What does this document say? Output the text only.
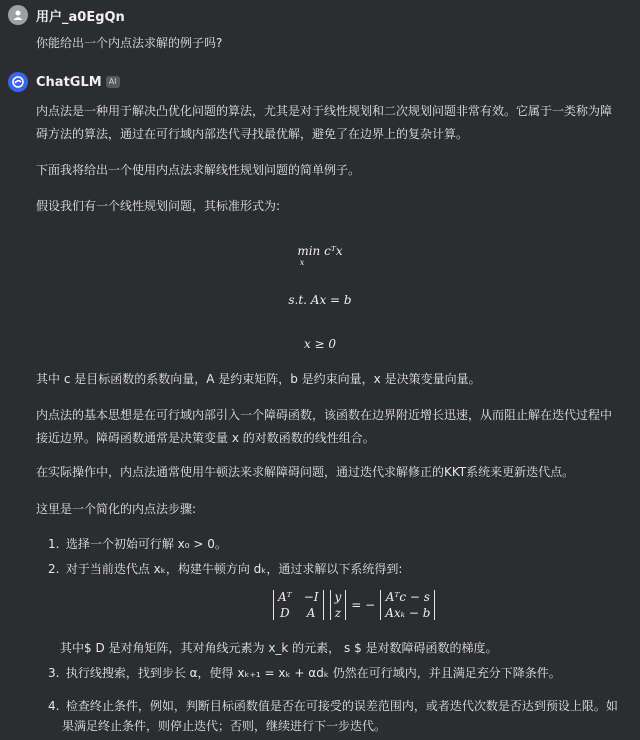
用户_a0EgQn
你能给出一个内点法求解的例子吗?
ChatGLM AI
内点法是一种用于解决凸优化问题的算法，尤其是对于线性规划和二次规划问题非常有效。它属于一类称为障
碍方法的算法，通过在可行域内部迭代寻找最优解，避免了在边界上的复杂计算。
下面我将给出一个使用内点法求解线性规划问题的简单例子。
假设我们有一个线性规划问题，其标准形式为:
min cᵀx
x
s.t. Ax = b
x ≥ 0
其中 c 是目标函数的系数向量，A 是约束矩阵，b 是约束向量，x 是决策变量向量。
内点法的基本思想是在可行域内部引入一个障碍函数，该函数在边界附近增长迅速，从而阻止解在迭代过程中
接近边界。障碍函数通常是决策变量 x 的对数函数的线性组合。
在实际操作中，内点法通常使用牛顿法来求解障碍问题，通过迭代求解修正的KKT系统来更新迭代点。
这里是一个简化的内点法步骤:
1. 选择一个初始可行解 x₀ > 0。
2. 对于当前迭代点 xₖ，构建牛顿方向 dₖ，通过求解以下系统得到:
Aᵀ −I
D A
y
z
= −
Aᵀc − s
Axₖ − b
其中$ D 是对角矩阵，其对角线元素为 x_k 的元素， s $ 是对数障碍函数的梯度。
3. 执行线搜索，找到步长 α，使得 xₖ₊₁ = xₖ + αdₖ 仍然在可行域内，并且满足充分下降条件。
4. 检查终止条件，例如，判断目标函数值是否在可接受的误差范围内，或者迭代次数是否达到预设上限。如
果满足终止条件，则停止迭代；否则，继续进行下一步迭代。
